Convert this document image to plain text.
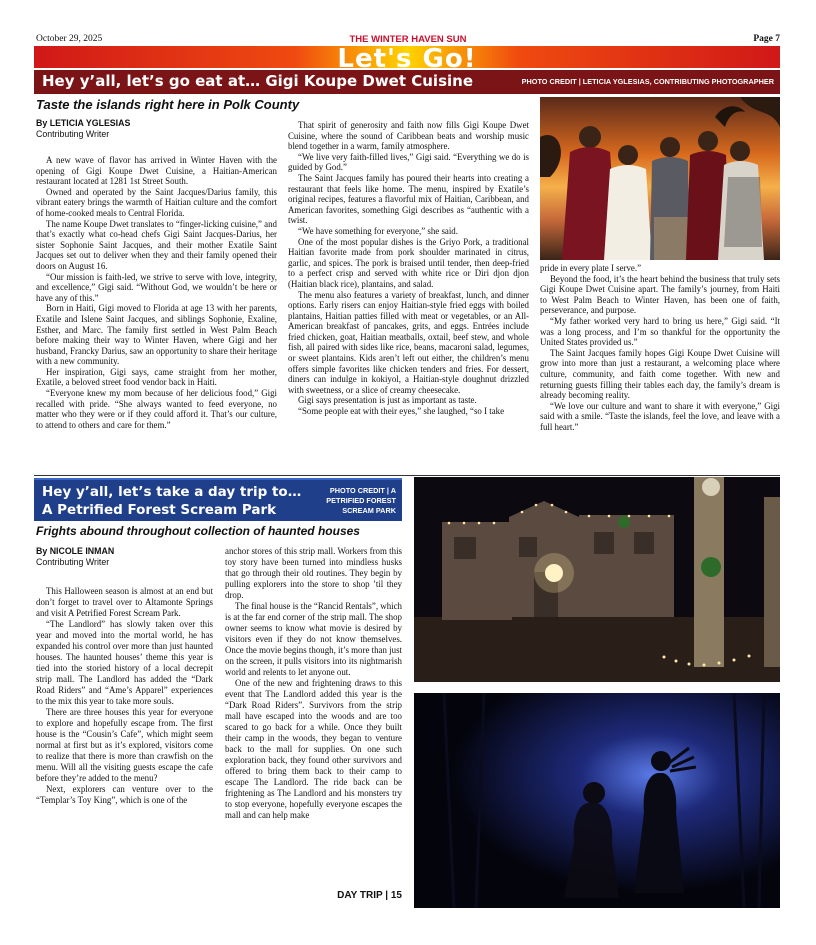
October 29, 2025	THE WINTER HAVEN SUN	Page 7
Let's Go!
Hey y’all, let’s go eat at… Gigi Koupe Dwet Cuisine	PHOTO CREDIT | LETICIA YGLESIAS, CONTRIBUTING PHOTOGRAPHER
Taste the islands right here in Polk County
By LETICIA YGLESIAS
Contributing Writer

A new wave of flavor has arrived in Winter Haven with the opening of Gigi Koupe Dwet Cuisine, a Haitian-American restaurant located at 1281 1st Street South.

Owned and operated by the Saint Jacques/Darius family, this vibrant eatery brings the warmth of Haitian culture and the comfort of home-cooked meals to Central Florida.

The name Koupe Dwet translates to “finger-licking cuisine,” and that’s exactly what co-head chefs Gigi Saint Jacques-Darius, her sister Sophonie Saint Jacques, and their mother Exatile Saint Jacques set out to deliver when they and their family opened their doors on August 16.

“Our mission is faith-led, we strive to serve with love, integrity, and excellence,” Gigi said. “Without God, we wouldn’t be here or have any of this.”

Born in Haiti, Gigi moved to Florida at age 13 with her parents, Exatile and Islene Saint Jacques, and siblings Sophonie, Exaline, Esther, and Marc. The family first settled in West Palm Beach before making their way to Winter Haven, where Gigi and her husband, Francky Darius, saw an opportunity to share their heritage with a new community.

Her inspiration, Gigi says, came straight from her mother, Exatile, a beloved street food vendor back in Haiti.

“Everyone knew my mom because of her delicious food,” Gigi recalled with pride. “She always wanted to feed everyone, no matter who they were or if they could afford it. That’s our culture, to attend to others and care for them.”

That spirit of generosity and faith now fills Gigi Koupe Dwet Cuisine, where the sound of Caribbean beats and worship music blend together in a warm, family atmosphere.

“We live very faith-filled lives,” Gigi said. “Everything we do is guided by God.”

The Saint Jacques family has poured their hearts into creating a restaurant that feels like home. The menu, inspired by Exatile’s original recipes, features a flavorful mix of Haitian, Caribbean, and American favorites, something Gigi describes as “authentic with a twist.

“We have something for everyone,” she said.

One of the most popular dishes is the Griyo Pork, a traditional Haitian favorite made from pork shoulder marinated in citrus, garlic, and spices. The pork is braised until tender, then deep-fried to a perfect crisp and served with white rice or Diri djon djon (Haitian black rice), plantains, and salad.

The menu also features a variety of breakfast, lunch, and dinner options. Early risers can enjoy Haitian-style fried eggs with boiled plantains, Haitian patties filled with meat or vegetables, or an All-American breakfast of pancakes, grits, and eggs. Entrées include fried chicken, goat, Haitian meatballs, oxtail, beef stew, and whole fish, all paired with sides like rice, beans, macaroni salad, legumes, or sweet plantains. Kids aren’t left out either, the children’s menu offers simple favorites like chicken tenders and fries. For dessert, diners can indulge in kokiyol, a Haitian-style doughnut drizzled with sweetness, or a slice of creamy cheesecake.

Gigi says presentation is just as important as taste.

“Some people eat with their eyes,” she laughed, “so I take

pride in every plate I serve.”

Beyond the food, it’s the heart behind the business that truly sets Gigi Koupe Dwet Cuisine apart. The family’s journey, from Haiti to West Palm Beach to Winter Haven, has been one of faith, perseverance, and purpose.

“My father worked very hard to bring us here,” Gigi said. “It was a long process, and I’m so thankful for the opportunity the United States provided us.”

The Saint Jacques family hopes Gigi Koupe Dwet Cuisine will grow into more than just a restaurant, a welcoming place where culture, community, and faith come together. With new and returning guests filling their tables each day, the family’s dream is already becoming reality.

“We love our culture and want to share it with everyone,” Gigi said with a smile. “Taste the islands, feel the love, and leave with a full heart.”

Hey y’all, let’s take a day trip to…
A Petrified Forest Scream Park
PHOTO CREDIT | A
PETRIFIED FOREST
SCREAM PARK
Frights abound throughout collection of haunted houses
By NICOLE INMAN
Contributing Writer

This Halloween season is almost at an end but don’t forget to travel over to Altamonte Springs and visit A Petrified Forest Scream Park.

“The Landlord” has slowly taken over this year and moved into the mortal world, he has expanded his control over more than just haunted houses. The haunted houses’ theme this year is tied into the storied history of a local decrepit strip mall. The Landlord has added the “Dark Road Riders” and “Ame’s Apparel” experiences to the mix this year to take more souls.

There are three houses this year for everyone to explore and hopefully escape from. The first house is the “Cousin’s Cafe”, which might seem normal at first but as it’s explored, visitors come to realize that there is more than crawfish on the menu. Will all the visiting guests escape the cafe before they’re added to the menu?

Next, explorers can venture over to the “Templar’s Toy King”, which is one of the

anchor stores of this strip mall. Workers from this toy story have been turned into mindless husks that go through their old routines. They begin by pulling explorers into the store to shop ’til they drop.

The final house is the “Rancid Rentals”, which is at the far end corner of the strip mall. The shop owner seems to know what movie is desired by visitors even if they do not know themselves. Once the movie begins though, it’s more than just on the screen, it pulls visitors into its nightmarish world and relents to let anyone out.

One of the new and frightening draws to this event that The Landlord added this year is the “Dark Road Riders”. Survivors from the strip mall have escaped into the woods and are too scared to go back for a while. Once they built their camp in the woods, they began to venture back to the mall for supplies. On one such exploration back, they found other survivors and offered to bring them back to their camp to escape The Landlord. The ride back can be frightening as The Landlord and his monsters try to stop everyone, hopefully everyone escapes the mall and can help make

DAY TRIP | 15
